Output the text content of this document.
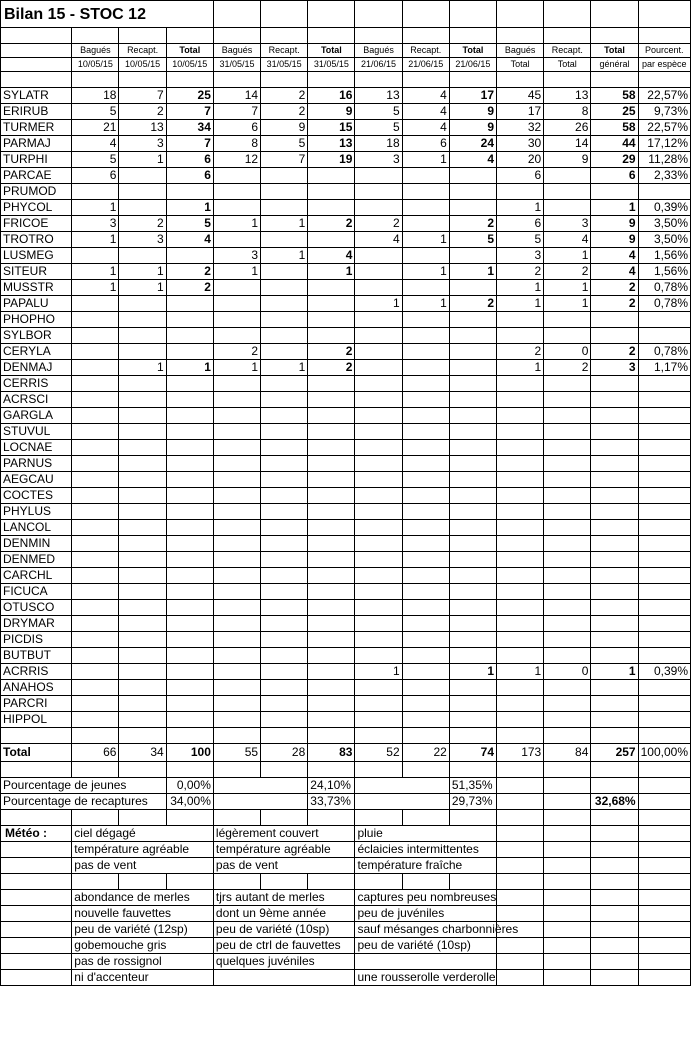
Bilan 15 - STOC 12													

	Bagués	Recapt.	Total	Bagués	Recapt.	Total	Bagués	Recapt.	Total	Bagués	Recapt.	Total	Pourcent.
	10/05/15	10/05/15	10/05/15	31/05/15	31/05/15	31/05/15	21/06/15	21/06/15	21/06/15	Total	Total	général	par espèce

SYLATR	18	7	25	14	2	16	13	4	17	45	13	58	22,57%
ERIRUB	5	2	7	7	2	9	5	4	9	17	8	25	9,73%
TURMER	21	13	34	6	9	15	5	4	9	32	26	58	22,57%
PARMAJ	4	3	7	8	5	13	18	6	24	30	14	44	17,12%
TURPHI	5	1	6	12	7	19	3	1	4	20	9	29	11,28%
PARCAE	6		6							6		6	2,33%
PRUMOD													
PHYCOL	1		1							1		1	0,39%
FRICOE	3	2	5	1	1	2	2		2	6	3	9	3,50%
TROTRO	1	3	4				4	1	5	5	4	9	3,50%
LUSMEG				3	1	4				3	1	4	1,56%
SITEUR	1	1	2	1		1		1	1	2	2	4	1,56%
MUSSTR	1	1	2							1	1	2	0,78%
PAPALU							1	1	2	1	1	2	0,78%
PHOPHO													
SYLBOR													
CERYLA				2		2				2	0	2	0,78%
DENMAJ		1	1	1	1	2				1	2	3	1,17%
CERRIS													
ACRSCI													
GARGLA													
STUVUL													
LOCNAE													
PARNUS													
AEGCAU													
COCTES													
PHYLUS													
LANCOL													
DENMIN													
DENMED													
CARCHL													
FICUCA													
OTUSCO													
DRYMAR													
PICDIS													
BUTBUT													
ACRRIS							1		1	1	0	1	0,39%
ANAHOS													
PARCRI													
HIPPOL													

Total	66	34	100	55	28	83	52	22	74	173	84	257	100,00%

Pourcentage de jeunes			0,00%			24,10%			51,35%				
Pourcentage de recaptures			34,00%			33,73%			29,73%			32,68%	

Météo :	ciel dégagé			légèrement couvert			pluie						
	température agréable			température agréable			éclaicies intermittentes						
	pas de vent			pas de vent			température fraîche						

	abondance de merles			tjrs autant de merles			captures peu nombreuses						
	nouvelle fauvettes			dont un 9ème année			peu de juvéniles						
	peu de variété (12sp)			peu de variété (10sp)			sauf mésanges charbonnières						
	gobemouche gris			peu de ctrl de fauvettes			peu de variété (10sp)						
	pas de rossignol			quelques juvéniles									
	ni d'accenteur						une rousserolle verderolle						
